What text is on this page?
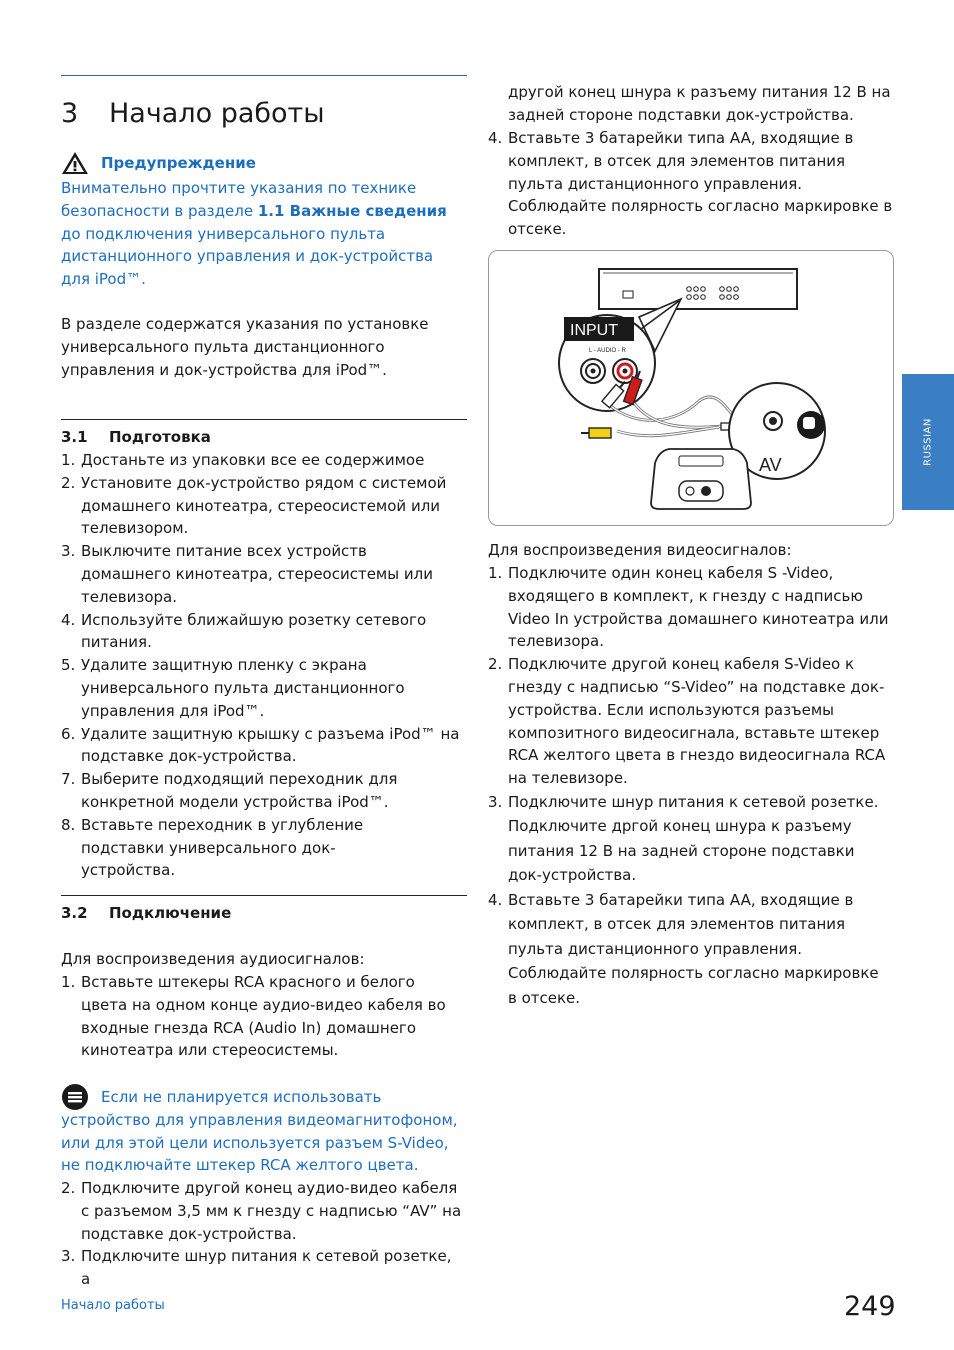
3 Начало работы
Предупреждение
Внимательно прочтите указания по технике безопасности в разделе 1.1 Важные сведения до подключения универсального пульта дистанционного управления и док-устройства для iPod™.

В разделе содержатся указания по установке универсального пульта дистанционного управления и док-устройства для iPod™.

3.1 Подготовка
1. Достаньте из упаковки все ее содержимое
2. Установите док-устройство рядом с системой домашнего кинотеатра, стереосистемой или телевизором.
3. Выключите питание всех устройств домашнего кинотеатра, стереосистемы или телевизора.
4. Используйте ближайшую розетку сетевого питания.
5. Удалите защитную пленку с экрана универсального пульта дистанционного управления для iPod™.
6. Удалите защитную крышку с разъема iPod™ на подставке док-устройства.
7. Выберите подходящий переходник для конкретной модели устройства iPod™.
8. Вставьте переходник в углубление подставки универсального док-устройства.
3.2 Подключение

Для воспроизведения аудиосигналов:

1. Вставьте штекеры RCA красного и белого цвета на одном конце аудио-видео кабеля во входные гнезда RCA (Audio In) домашнего кинотеатра или стереосистемы.

Если не планируется использовать устройство для управления видеомагнитофоном, или для этой цели используется разъем S-Video, не подключайте штекер RCA желтого цвета.

2. Подключите другой конец аудио-видео кабеля с разъемом 3,5 мм к гнезду с надписью “AV” на подставке док-устройства.
3. Подключите шнур питания к сетевой розетке, а

другой конец шнура к разъему питания 12 В на задней стороне подставки док-устройства.

4. Вставьте 3 батарейки типа AA, входящие в комплект, в отсек для элементов питания пульта дистанционного управления. Соблюдайте полярность согласно маркировке в отсеке.
INPUT
L - AUDIO - R
AV

Для воспроизведения видеосигналов:

1. Подключите один конец кабеля S -Video, входящего в комплект, к гнезду с надписью Video In устройства домашнего кинотеатра или телевизора.
2. Подключите другой конец кабеля S-Video к гнезду с надписью “S-Video” на подставке док-устройства. Если используются разъемы композитного видеосигнала, вставьте штекер RCA желтого цвета в гнездо видеосигнала RCA на телевизоре.
3. Подключите шнур питания к сетевой розетке. Подключите дргой конец шнура к разъему питания 12 В на задней стороне подставки док-устройства.
4. Вставьте 3 батарейки типа AA, входящие в комплект, в отсек для элементов питания пульта дистанционного управления. Соблюдайте полярность согласно маркировке в отсеке.
RUSSIAN
Начало работы	249
